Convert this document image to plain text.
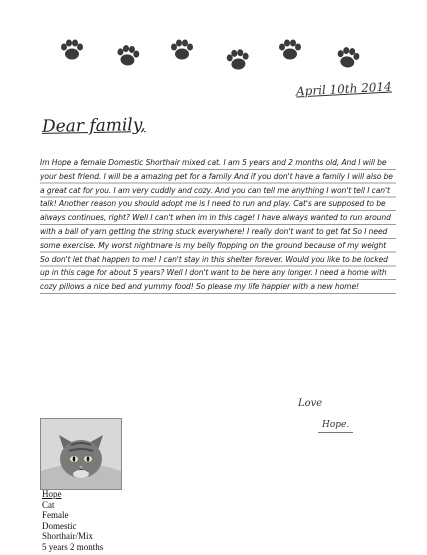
April 10th 2014
Dear family,
Im Hope a female Domestic Shorthair mixed cat. I am 5 years and 2 months old, And I will be your best friend. I will be a amazing pet for a family And if you don't have a family I will also be a great cat for you. I am very cuddly and cozy. And you can tell me anything I won't tell I can't talk! Another reason you should adopt me is I need to run and play. Cat's are supposed to be always continues, right? Well I can't when im in this cage! I have always wanted to run around with a ball of yarn getting the string stuck everywhere! I really don't want to get fat So I need some exercise. My worst nightmare is my belly flopping on the ground because of my weight So don't let that happen to me! I can't stay in this shelter forever. Would you like to be locked up in this cage for about 5 years? Well I don't want to be here any longer. I need a home with cozy pillows a nice bed and yummy food! So please my life happier with a new home!
Love
Hope.
Hope
Cat
Female
Domestic
Shorthair/Mix
5 years 2 months
